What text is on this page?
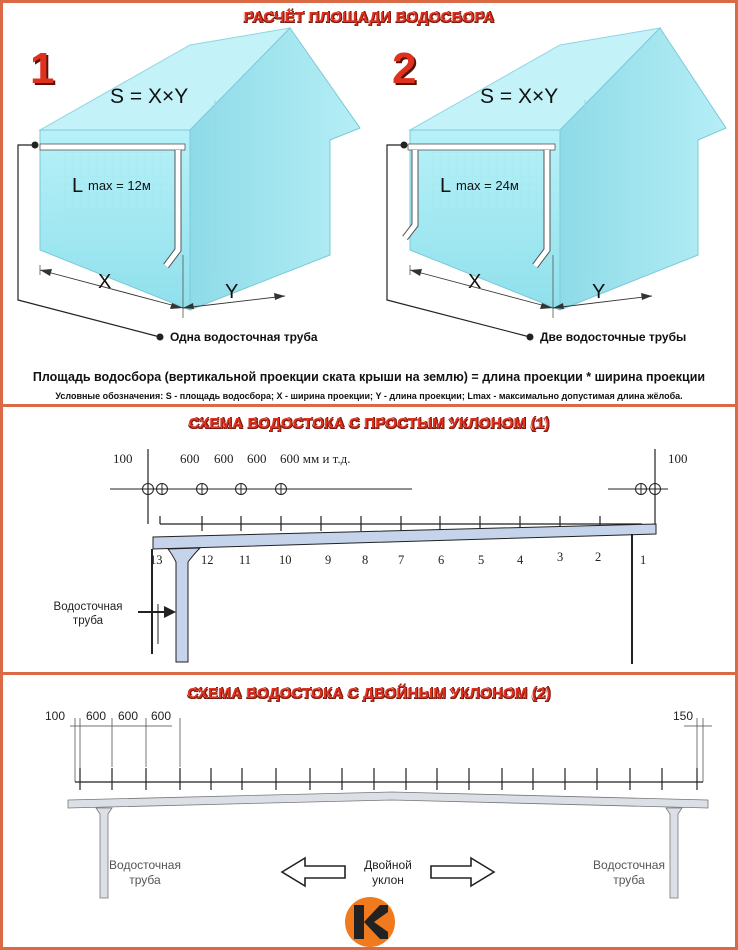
РАСЧЁТ ПЛОЩАДИ ВОДОСБОРА
S = X×Y	S = X×Y
L max = 12м	L max = 24м
X	Y	X	Y
Одна водосточная труба	Две водосточные трубы
1	2
Площадь водосбора (вертикальной проекции ската крыши на землю) = длина проекции * ширина проекции
Условные обозначения: S - площадь водосбора; X - ширина проекции; Y - длина проекции; Lmax - максимально допустимая длина жёлоба.
СХЕМА ВОДОСТОКА С ПРОСТЫМ УКЛОНОМ (1)
100	100
600 600 600 600 мм и т.д.
13	12 11 10	9 8 7	6	5	4	3	2	1
Водосточная
труба
СХЕМА ВОДОСТОКА С ДВОЙНЫМ УКЛОНОМ (2)
100 600 600 600	150
Водосточная
труба
Двойной
уклон
Водосточная
труба
